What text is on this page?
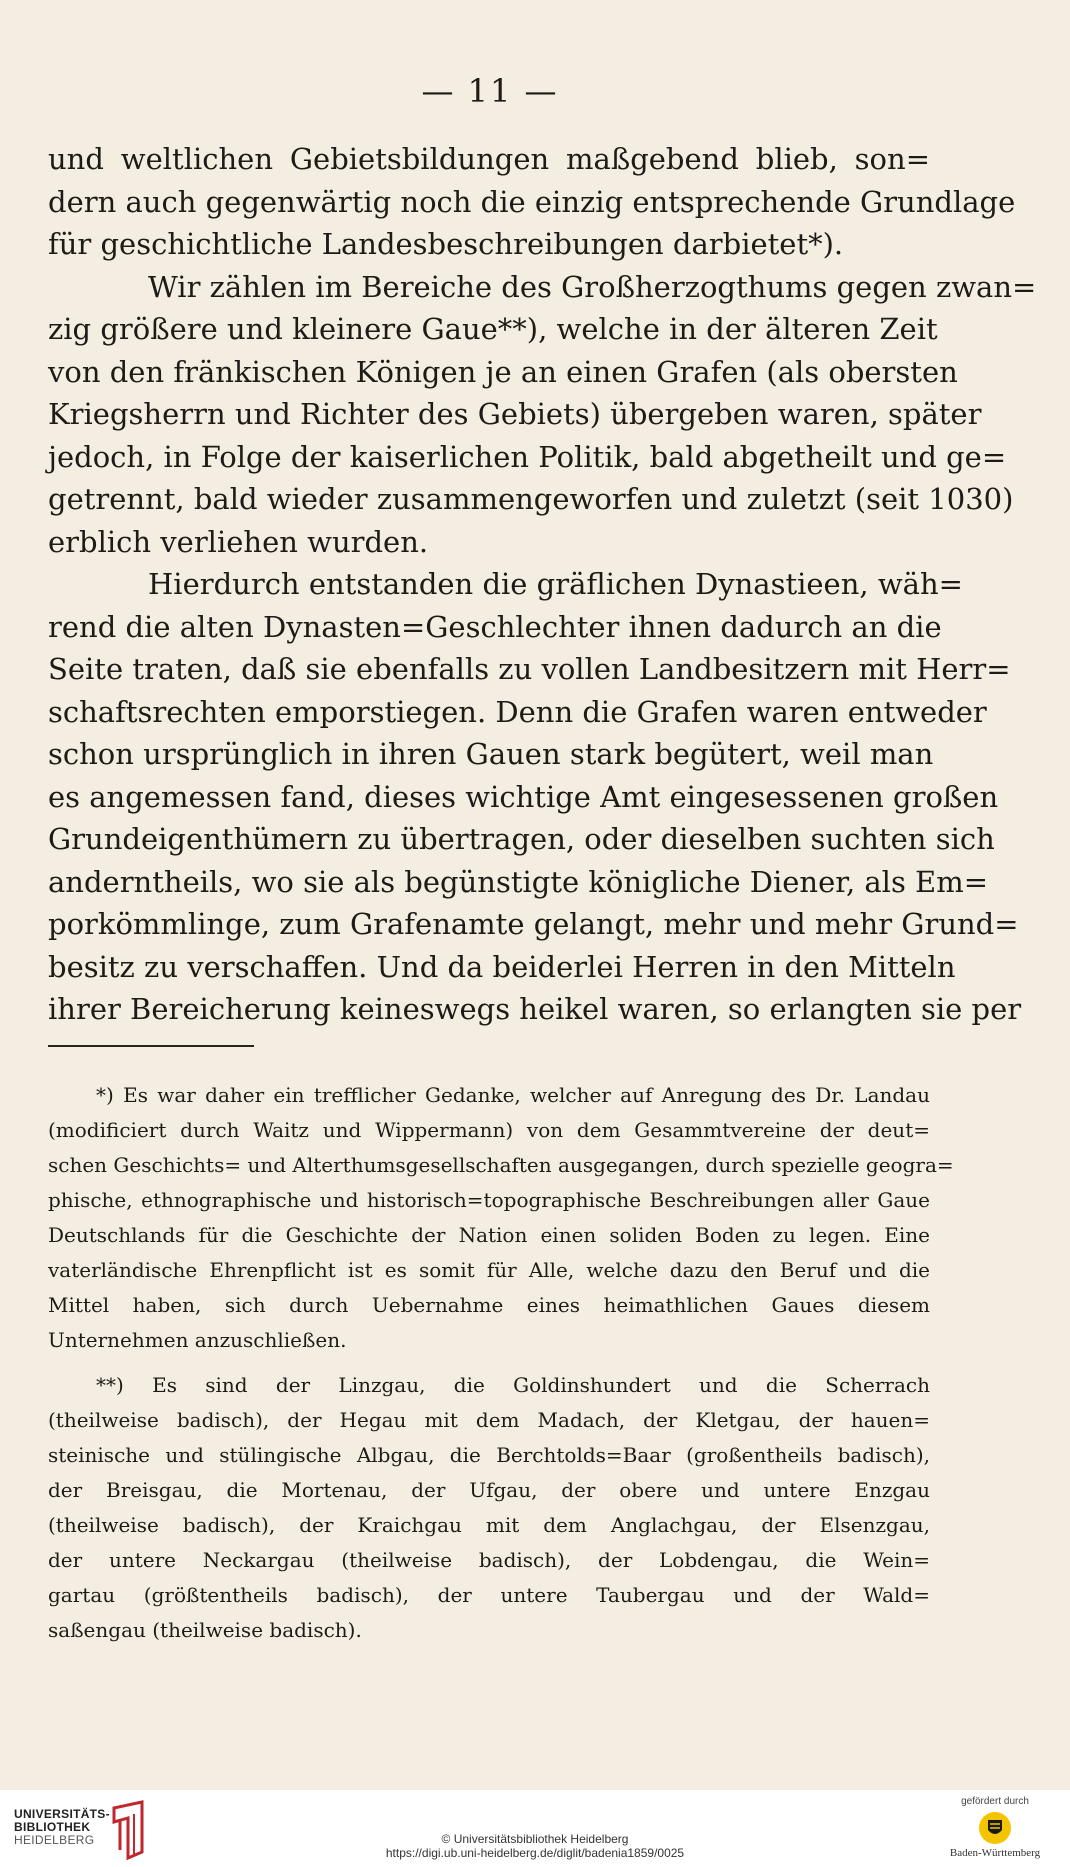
— 11 —
und weltlichen Gebietsbildungen maßgebend blieb, son=
dern auch gegenwärtig noch die einzig entsprechende Grundlage
für geschichtliche Landesbeschreibungen darbietet*).
Wir zählen im Bereiche des Großherzogthums gegen zwan=
zig größere und kleinere Gaue**), welche in der älteren Zeit
von den fränkischen Königen je an einen Grafen (als obersten
Kriegsherrn und Richter des Gebiets) übergeben waren, später
jedoch, in Folge der kaiserlichen Politik, bald abgetheilt und ge=
getrennt, bald wieder zusammengeworfen und zuletzt (seit 1030)
erblich verliehen wurden.
Hierdurch entstanden die gräflichen Dynastieen, wäh=
rend die alten Dynasten=Geschlechter ihnen dadurch an die
Seite traten, daß sie ebenfalls zu vollen Landbesitzern mit Herr=
schaftsrechten emporstiegen. Denn die Grafen waren entweder
schon ursprünglich in ihren Gauen stark begütert, weil man
es angemessen fand, dieses wichtige Amt eingesessenen großen
Grundeigenthümern zu übertragen, oder dieselben suchten sich
anderntheils, wo sie als begünstigte königliche Diener, als Em=
porkömmlinge, zum Grafenamte gelangt, mehr und mehr Grund=
besitz zu verschaffen. Und da beiderlei Herren in den Mitteln
ihrer Bereicherung keineswegs heikel waren, so erlangten sie per
*) Es war daher ein trefflicher Gedanke, welcher auf Anregung des Dr. Landau
(modificiert durch Waitz und Wippermann) von dem Gesammtvereine der deut=
schen Geschichts= und Alterthumsgesellschaften ausgegangen, durch spezielle geogra=
phische, ethnographische und historisch=topographische Beschreibungen aller Gaue
Deutschlands für die Geschichte der Nation einen soliden Boden zu legen. Eine
vaterländische Ehrenpflicht ist es somit für Alle, welche dazu den Beruf und die
Mittel haben, sich durch Uebernahme eines heimathlichen Gaues diesem
Unternehmen anzuschließen.
**) Es sind der Linzgau, die Goldinshundert und die Scherrach
(theilweise badisch), der Hegau mit dem Madach, der Kletgau, der hauen=
steinische und stülingische Albgau, die Berchtolds=Baar (großentheils badisch),
der Breisgau, die Mortenau, der Ufgau, der obere und untere Enzgau
(theilweise badisch), der Kraichgau mit dem Anglachgau, der Elsenzgau,
der untere Neckargau (theilweise badisch), der Lobdengau, die Wein=
gartau (größtentheils badisch), der untere Taubergau und der Wald=
saßengau (theilweise badisch).
UNIVERSITÄTS-
BIBLIOTHEK
HEIDELBERG	© Universitätsbibliothek Heidelberg
https://digi.ub.uni-heidelberg.de/diglit/badenia1859/0025
gefördert durch
Baden-Württemberg
